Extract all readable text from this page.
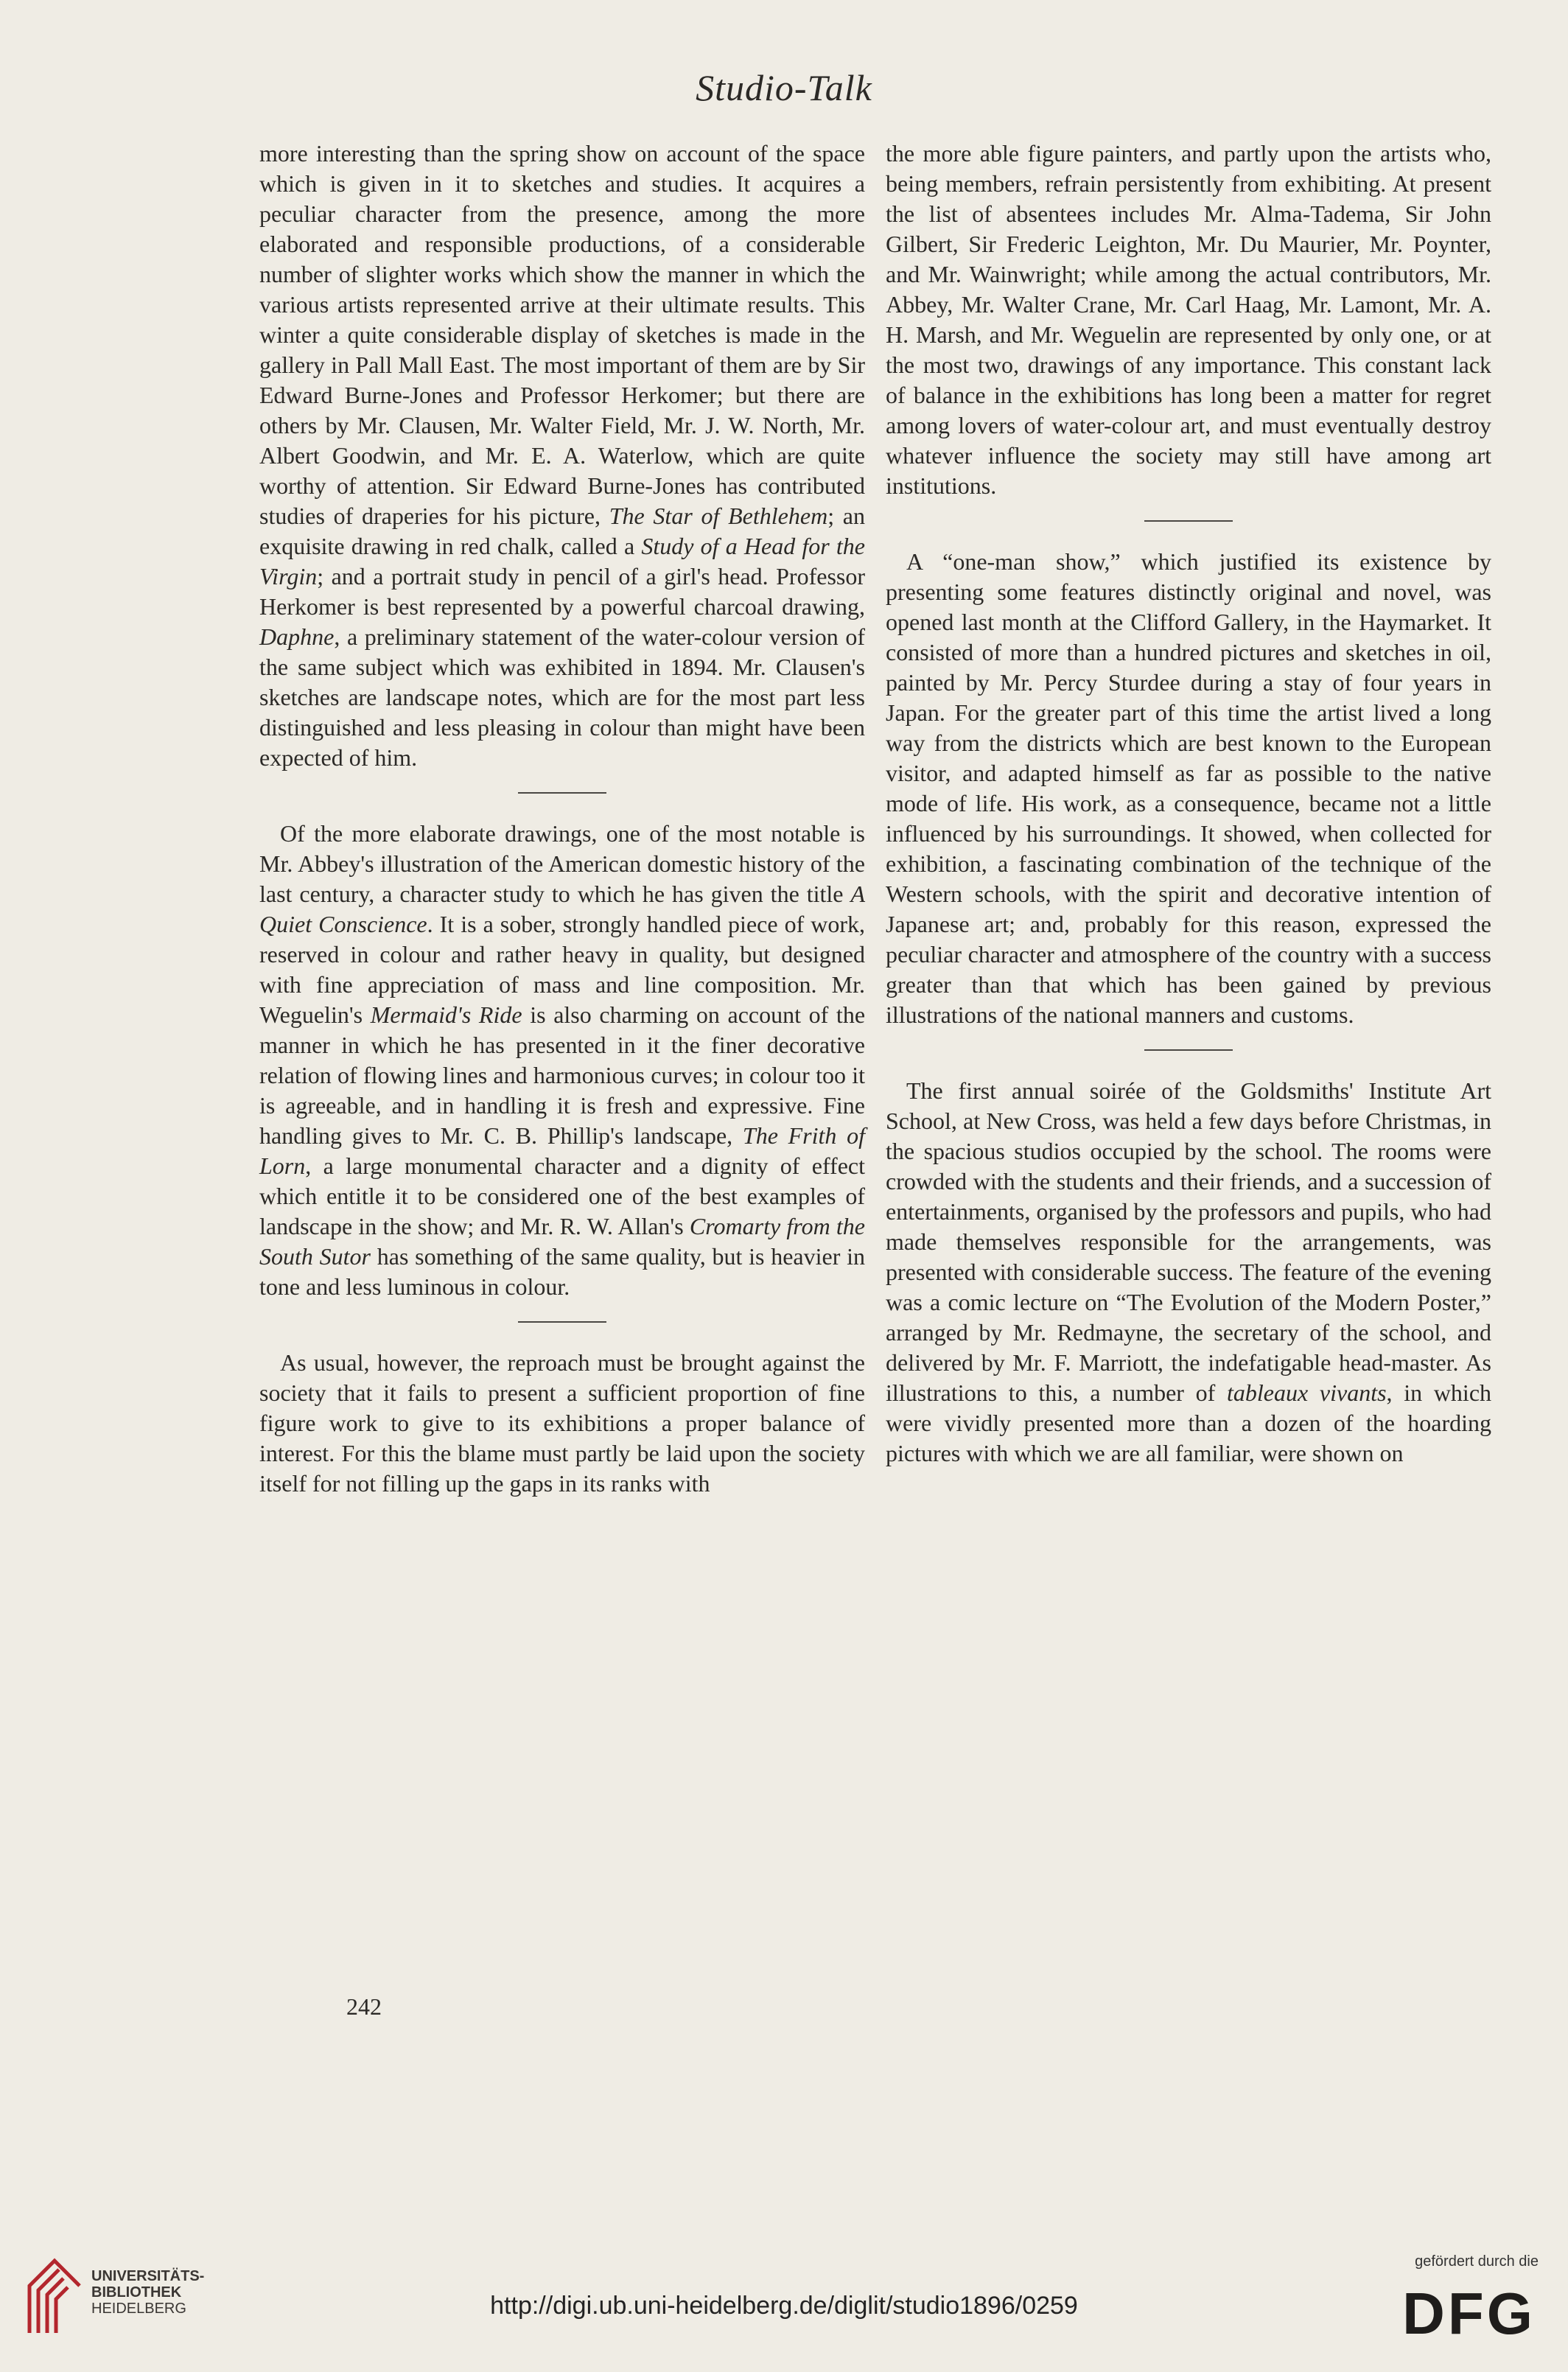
Studio-Talk

more interesting than the spring show on account of the space which is given in it to sketches and studies. It acquires a peculiar character from the presence, among the more elaborated and responsible productions, of a considerable number of slighter works which show the manner in which the various artists represented arrive at their ultimate results. This winter a quite considerable display of sketches is made in the gallery in Pall Mall East. The most important of them are by Sir Edward Burne-Jones and Professor Herkomer; but there are others by Mr. Clausen, Mr. Walter Field, Mr. J. W. North, Mr. Albert Goodwin, and Mr. E. A. Waterlow, which are quite worthy of attention. Sir Edward Burne-Jones has contributed studies of draperies for his picture, The Star of Bethlehem; an exquisite drawing in red chalk, called a Study of a Head for the Virgin; and a portrait study in pencil of a girl's head. Professor Herkomer is best represented by a powerful charcoal drawing, Daphne, a preliminary statement of the water-colour version of the same subject which was exhibited in 1894. Mr. Clausen's sketches are landscape notes, which are for the most part less distinguished and less pleasing in colour than might have been expected of him.

Of the more elaborate drawings, one of the most notable is Mr. Abbey's illustration of the American domestic history of the last century, a character study to which he has given the title A Quiet Conscience. It is a sober, strongly handled piece of work, reserved in colour and rather heavy in quality, but designed with fine appreciation of mass and line composition. Mr. Weguelin's Mermaid's Ride is also charming on account of the manner in which he has presented in it the finer decorative relation of flowing lines and harmonious curves; in colour too it is agreeable, and in handling it is fresh and expressive. Fine handling gives to Mr. C. B. Phillip's landscape, The Frith of Lorn, a large monumental character and a dignity of effect which entitle it to be considered one of the best examples of landscape in the show; and Mr. R. W. Allan's Cromarty from the South Sutor has something of the same quality, but is heavier in tone and less luminous in colour.

As usual, however, the reproach must be brought against the society that it fails to present a sufficient proportion of fine figure work to give to its exhibitions a proper balance of interest. For this the blame must partly be laid upon the society itself for not filling up the gaps in its ranks with

the more able figure painters, and partly upon the artists who, being members, refrain persistently from exhibiting. At present the list of absentees includes Mr. Alma-Tadema, Sir John Gilbert, Sir Frederic Leighton, Mr. Du Maurier, Mr. Poynter, and Mr. Wainwright; while among the actual contributors, Mr. Abbey, Mr. Walter Crane, Mr. Carl Haag, Mr. Lamont, Mr. A. H. Marsh, and Mr. Weguelin are represented by only one, or at the most two, drawings of any importance. This constant lack of balance in the exhibitions has long been a matter for regret among lovers of water-colour art, and must eventually destroy whatever influence the society may still have among art institutions.

A “one-man show,” which justified its existence by presenting some features distinctly original and novel, was opened last month at the Clifford Gallery, in the Haymarket. It consisted of more than a hundred pictures and sketches in oil, painted by Mr. Percy Sturdee during a stay of four years in Japan. For the greater part of this time the artist lived a long way from the districts which are best known to the European visitor, and adapted himself as far as possible to the native mode of life. His work, as a consequence, became not a little influenced by his surroundings. It showed, when collected for exhibition, a fascinating combination of the technique of the Western schools, with the spirit and decorative intention of Japanese art; and, probably for this reason, expressed the peculiar character and atmosphere of the country with a success greater than that which has been gained by previous illustrations of the national manners and customs.

The first annual soirée of the Goldsmiths' Institute Art School, at New Cross, was held a few days before Christmas, in the spacious studios occupied by the school. The rooms were crowded with the students and their friends, and a succession of entertainments, organised by the professors and pupils, who had made themselves responsible for the arrangements, was presented with considerable success. The feature of the evening was a comic lecture on “The Evolution of the Modern Poster,” arranged by Mr. Redmayne, the secretary of the school, and delivered by Mr. F. Marriott, the indefatigable head-master. As illustrations to this, a number of tableaux vivants, in which were vividly presented more than a dozen of the hoarding pictures with which we are all familiar, were shown on

242
UNIVERSITÄTS-
BIBLIOTHEK
HEIDELBERG	http://digi.ub.uni-heidelberg.de/diglit/studio1896/0259
gefördert durch die
DFG
